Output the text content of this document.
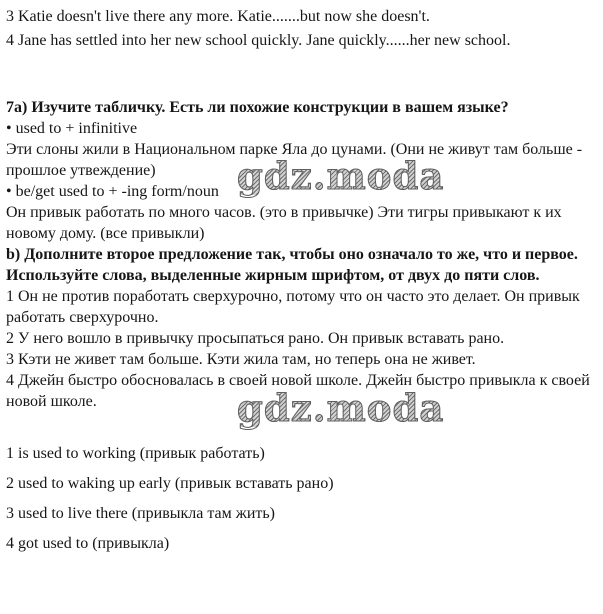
3 Katie doesn't live there any more. Katie.......but now she doesn't.
4 Jane has settled into her new school quickly. Jane quickly......her new school.
7а) Изучите табличку. Есть ли похожие конструкции в вашем языке?
• used to + infinitive
Эти слоны жили в Национальном парке Яла до цунами. (Они не живут там больше - прошлое утвеждение)
• be/get used to + -ing form/noun
Он привык работать по много часов. (это в привычке) Эти тигры привыкают к их новому дому. (все привыкли)
b) Дополните второе предложение так, чтобы оно означало то же, что и первое. Используйте слова, выделенные жирным шрифтом, от двух до пяти слов.
1 Он не против поработать сверхурочно, потому что он часто это делает. Он привык работать сверхурочно.
2 У него вошло в привычку просыпаться рано. Он привык вставать рано.
3 Кэти не живет там больше. Кэти жила там, но теперь она не живет.
4 Джейн быстро обосновалась в своей новой школе. Джейн быстро привыкла к своей новой школе.
1 is used to working (привык работать)
2 used to waking up early (привык вставать рано)
3 used to live there (привыкла там жить)
4 got used to (привыкла)
gdz.moda
gdz.moda
